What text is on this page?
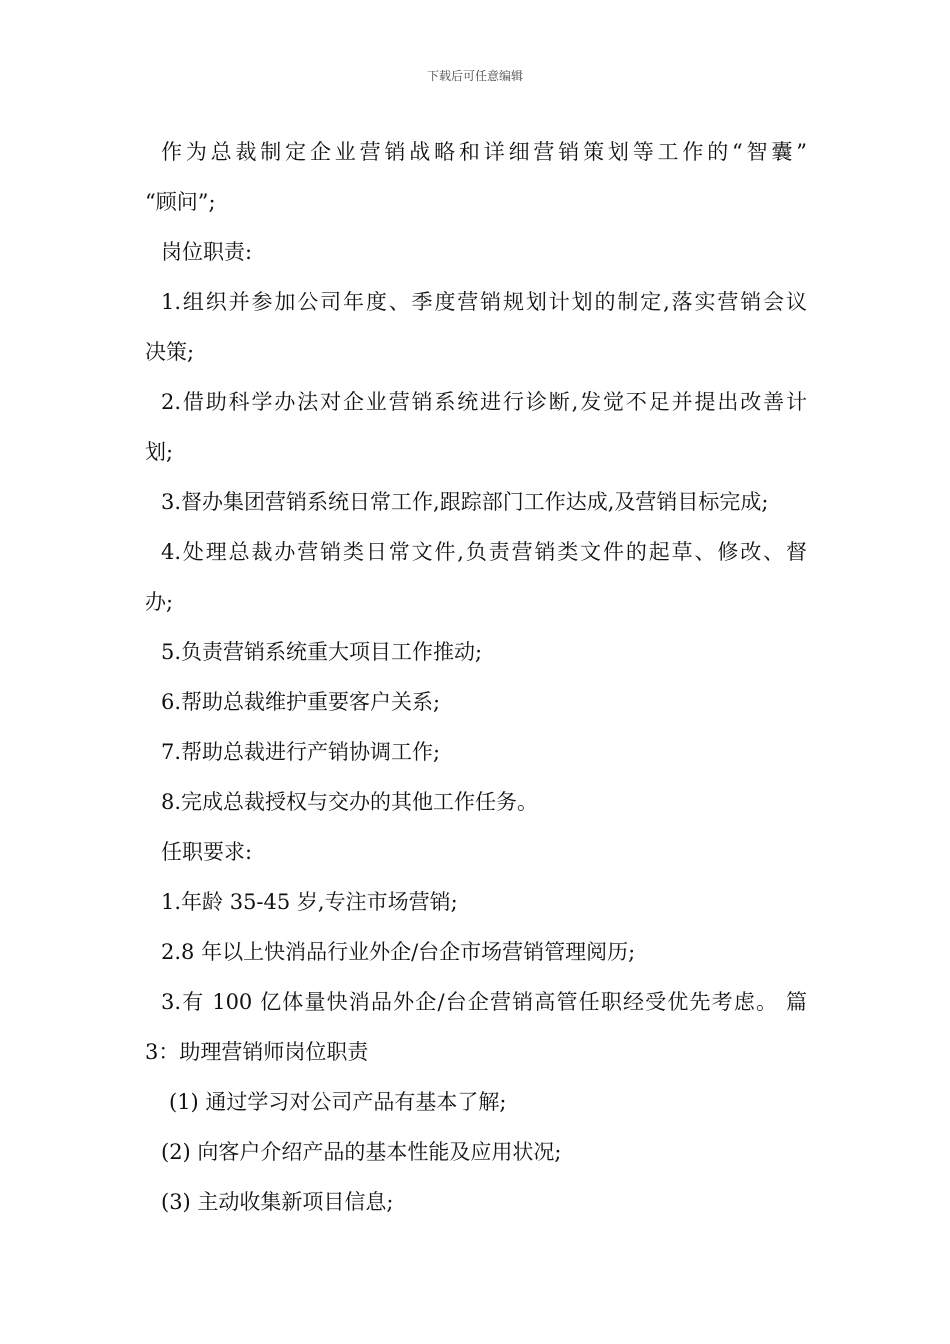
下载后可任意编辑
作为总裁制定企业营销战略和详细营销策划等工作的“智囊”
“顾问”;
岗位职责:
1.组织并参加公司年度、季度营销规划计划的制定,落实营销会议
决策;
2.借助科学办法对企业营销系统进行诊断,发觉不足并提出改善计
划;
3.督办集团营销系统日常工作,跟踪部门工作达成,及营销目标完成;
4.处理总裁办营销类日常文件,负责营销类文件的起草、修改、督
办;
5.负责营销系统重大项目工作推动;
6.帮助总裁维护重要客户关系;
7.帮助总裁进行产销协调工作;
8.完成总裁授权与交办的其他工作任务。
任职要求:
1.年龄 35-45 岁,专注市场营销;
2.8 年以上快消品行业外企/台企市场营销管理阅历;
3.有 100 亿体量快消品外企/台企营销高管任职经受优先考虑。 篇
3：助理营销师岗位职责
(1) 通过学习对公司产品有基本了解;
(2) 向客户介绍产品的基本性能及应用状况;
(3) 主动收集新项目信息;
